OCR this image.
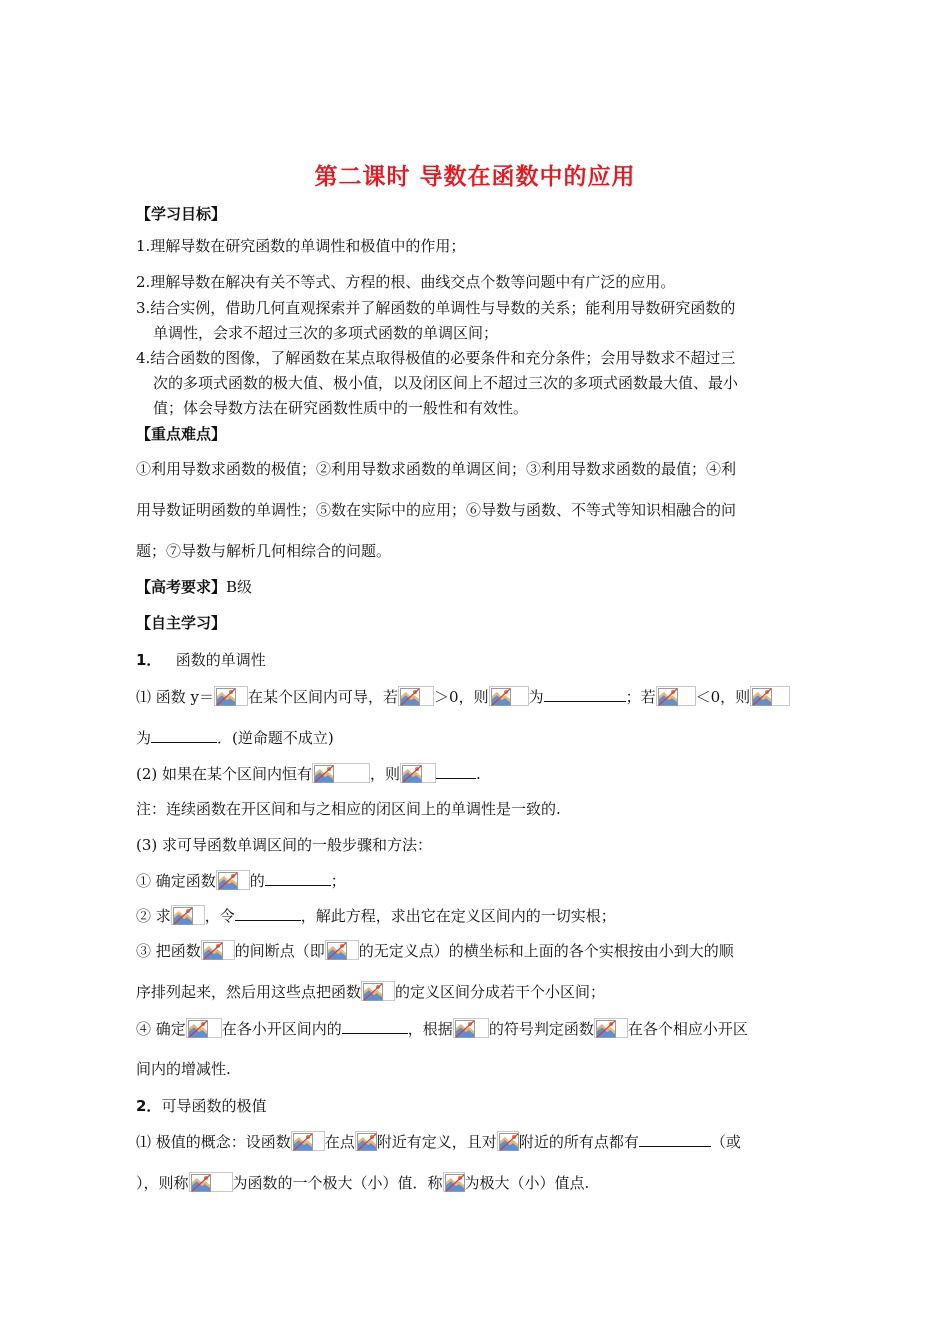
第二课时 导数在函数中的应用
【学习目标】
1.理解导数在研究函数的单调性和极值中的作用；
2.理解导数在解决有关不等式、方程的根、曲线交点个数等问题中有广泛的应用。
3.结合实例，借助几何直观探索并了解函数的单调性与导数的关系；能利用导数研究函数的
单调性，会求不超过三次的多项式函数的单调区间；
4.结合函数的图像，了解函数在某点取得极值的必要条件和充分条件；会用导数求不超过三
次的多项式函数的极大值、极小值，以及闭区间上不超过三次的多项式函数最大值、最小
值；体会导数方法在研究函数性质中的一般性和有效性。
【重点难点】
①利用导数求函数的极值；②利用导数求函数的单调区间；③利用导数求函数的最值；④利
用导数证明函数的单调性；⑤数在实际中的应用；⑥导数与函数、不等式等知识相融合的问
题；⑦导数与解析几何相综合的问题。
【高考要求】B级
【自主学习】
1． 函数的单调性
⑴ 函数 y＝ 在某个区间内可导，若 ＞0，则	为	；若	＜0，则
为	．(逆命题不成立)
(2) 如果在某个区间内恒有	，则	.
注：连续函数在开区间和与之相应的闭区间上的单调性是一致的.
(3) 求可导函数单调区间的一般步骤和方法：
① 确定函数 的	；
② 求 ，令	，解此方程，求出它在定义区间内的一切实根；
③ 把函数 的间断点（即 的无定义点）的横坐标和上面的各个实根按由小到大的顺
序排列起来，然后用这些点把函数 的定义区间分成若干个小区间；
④ 确定 在各小开区间内的	，根据 的符号判定函数 在各个相应小开区
间内的增减性.
2．可导函数的极值
⑴ 极值的概念：设函数 在点 附近有定义，且对 附近的所有点都有	（或
），则称	为函数的一个极大（小）值．称 为极大（小）值点.
